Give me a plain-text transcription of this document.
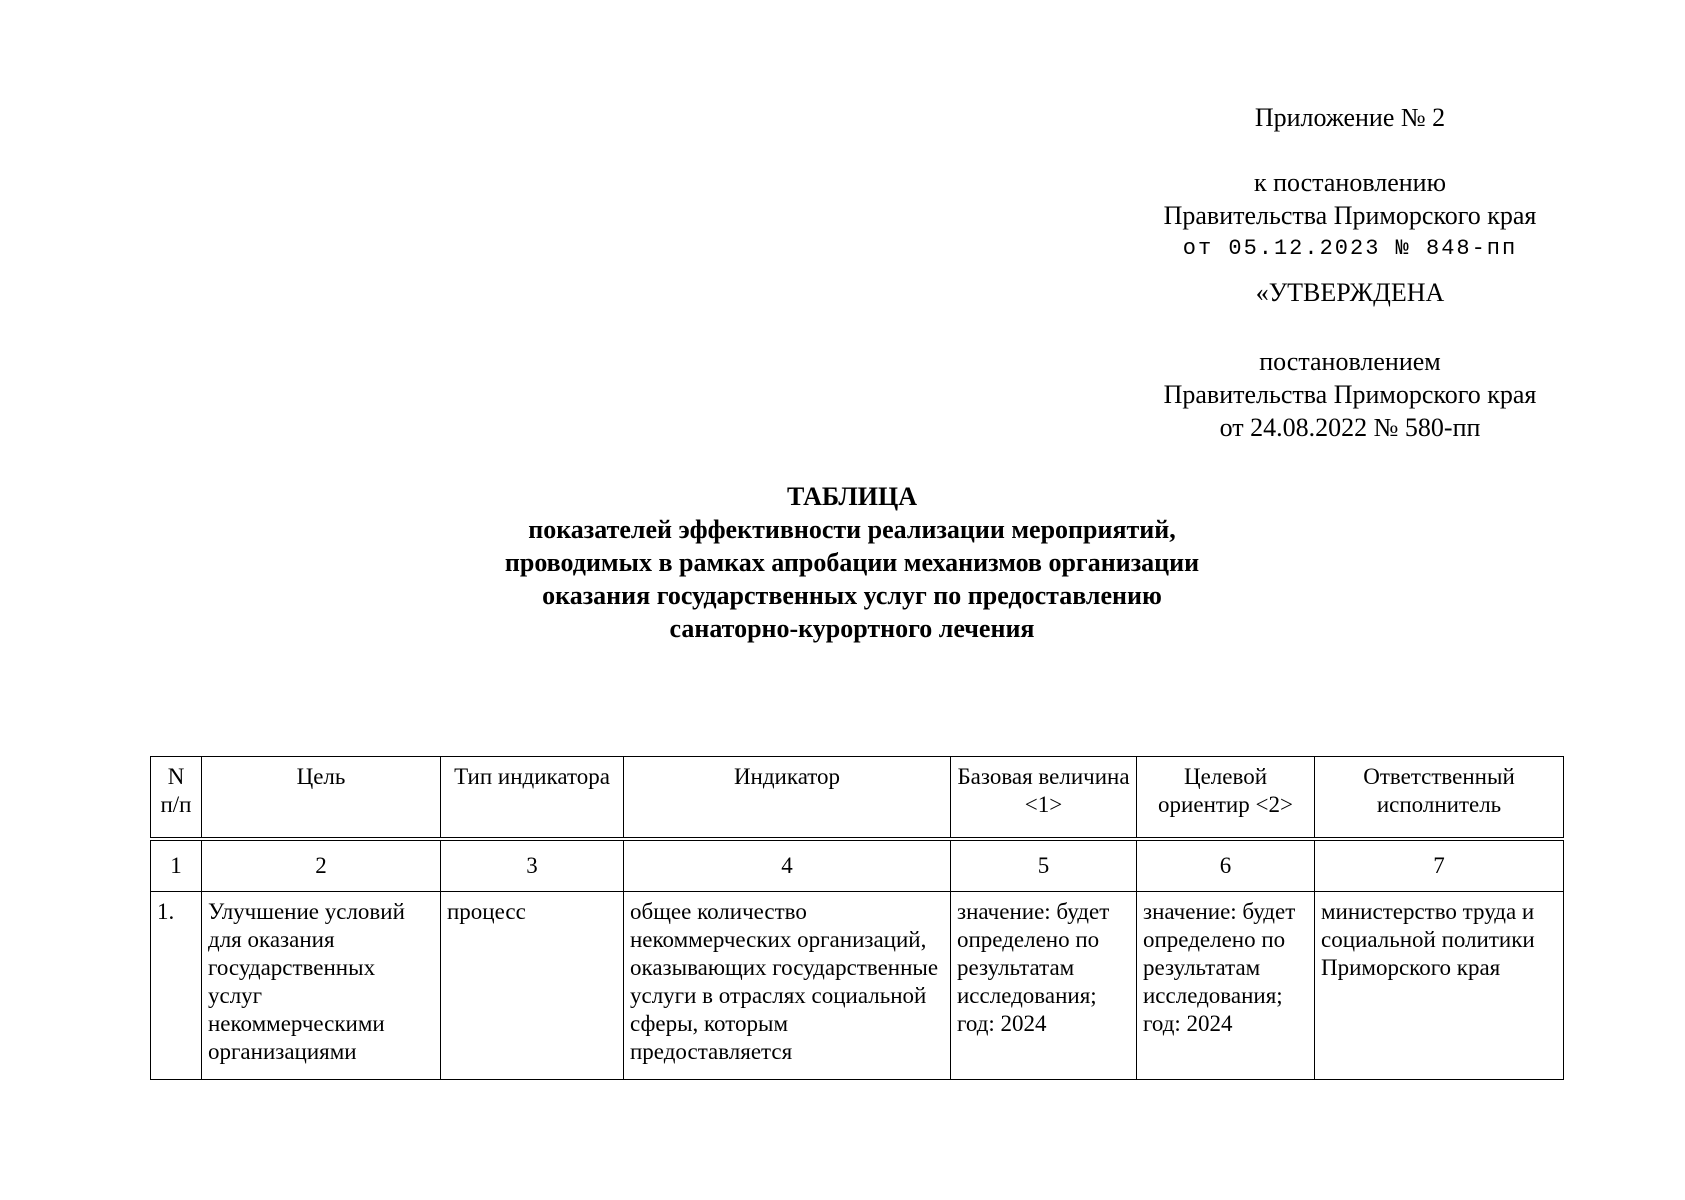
Приложение № 2
к постановлению
Правительства Приморского края
от 05.12.2023 № 848-пп
«УТВЕРЖДЕНА
постановлением
Правительства Приморского края
от 24.08.2022 № 580-пп
ТАБЛИЦА
показателей эффективности реализации мероприятий,
проводимых в рамках апробации механизмов организации
оказания государственных услуг по предоставлению
санаторно-курортного лечения
N п/п	Цель	Тип индикатора	Индикатор	Базовая величина <1>	Целевой ориентир <2>	Ответственный исполнитель
1	2	3	4	5	6	7
1.	Улучшение условий для оказания государственных услуг некоммерческими организациями	процесс	общее количество некоммерческих организаций, оказывающих государственные услуги в отраслях социальной сферы, которым предоставляется	значение: будет определено по результатам исследования; год: 2024	значение: будет определено по результатам исследования; год: 2024	министерство труда и социальной политики Приморского края
